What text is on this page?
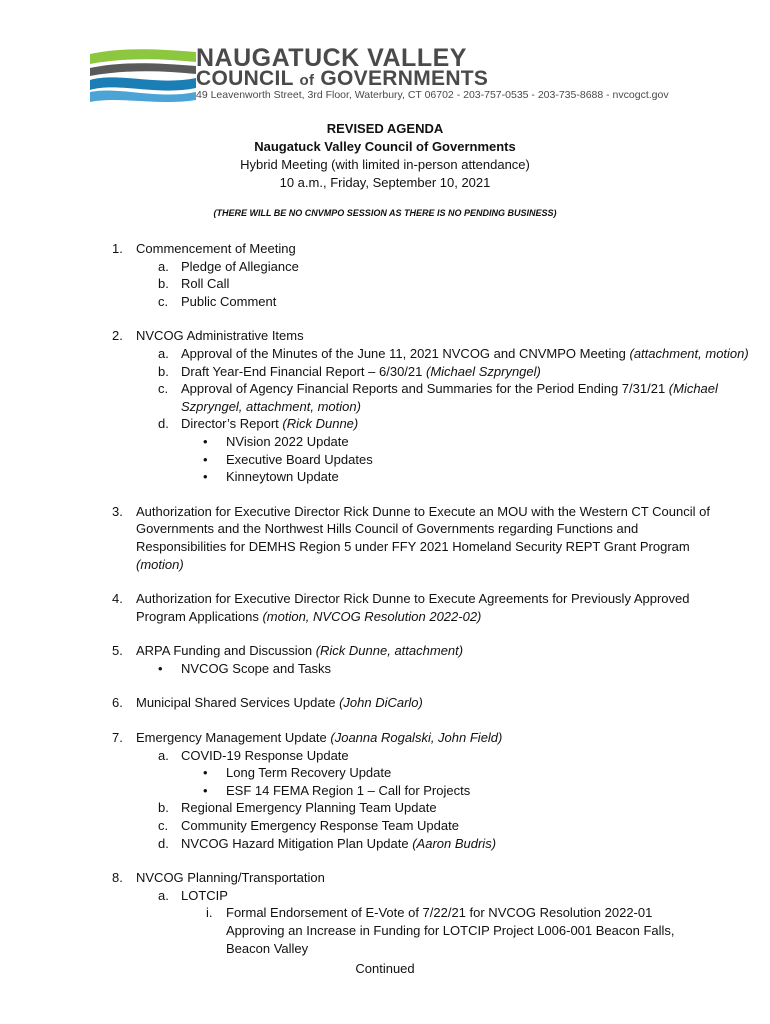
NAUGATUCK VALLEY
COUNCIL of GOVERNMENTS
49 Leavenworth Street, 3rd Floor, Waterbury, CT 06702 - 203-757-0535 - 203-735-8688 - nvcogct.gov
REVISED AGENDA
Naugatuck Valley Council of Governments
Hybrid Meeting (with limited in-person attendance)
10 a.m., Friday, September 10, 2021
(THERE WILL BE NO CNVMPO SESSION AS THERE IS NO PENDING BUSINESS)
1. Commencement of Meeting
a. Pledge of Allegiance
b. Roll Call
c. Public Comment
2. NVCOG Administrative Items
a. Approval of the Minutes of the June 11, 2021 NVCOG and CNVMPO Meeting (attachment, motion)
b. Draft Year-End Financial Report – 6/30/21 (Michael Szpryngel)
c. Approval of Agency Financial Reports and Summaries for the Period Ending 7/31/21 (Michael Szpryngel, attachment, motion)
d. Director’s Report (Rick Dunne)
• NVision 2022 Update
• Executive Board Updates
• Kinneytown Update
3. Authorization for Executive Director Rick Dunne to Execute an MOU with the Western CT Council of Governments and the Northwest Hills Council of Governments regarding Functions and Responsibilities for DEMHS Region 5 under FFY 2021 Homeland Security REPT Grant Program (motion)
4. Authorization for Executive Director Rick Dunne to Execute Agreements for Previously Approved Program Applications (motion, NVCOG Resolution 2022-02)
5. ARPA Funding and Discussion (Rick Dunne, attachment)
• NVCOG Scope and Tasks
6. Municipal Shared Services Update (John DiCarlo)
7. Emergency Management Update (Joanna Rogalski, John Field)
a. COVID-19 Response Update
• Long Term Recovery Update
• ESF 14 FEMA Region 1 – Call for Projects
b. Regional Emergency Planning Team Update
c. Community Emergency Response Team Update
d. NVCOG Hazard Mitigation Plan Update (Aaron Budris)
8. NVCOG Planning/Transportation
a. LOTCIP
i. Formal Endorsement of E-Vote of 7/22/21 for NVCOG Resolution 2022-01 Approving an Increase in Funding for LOTCIP Project L006-001 Beacon Falls, Beacon Valley
Continued
